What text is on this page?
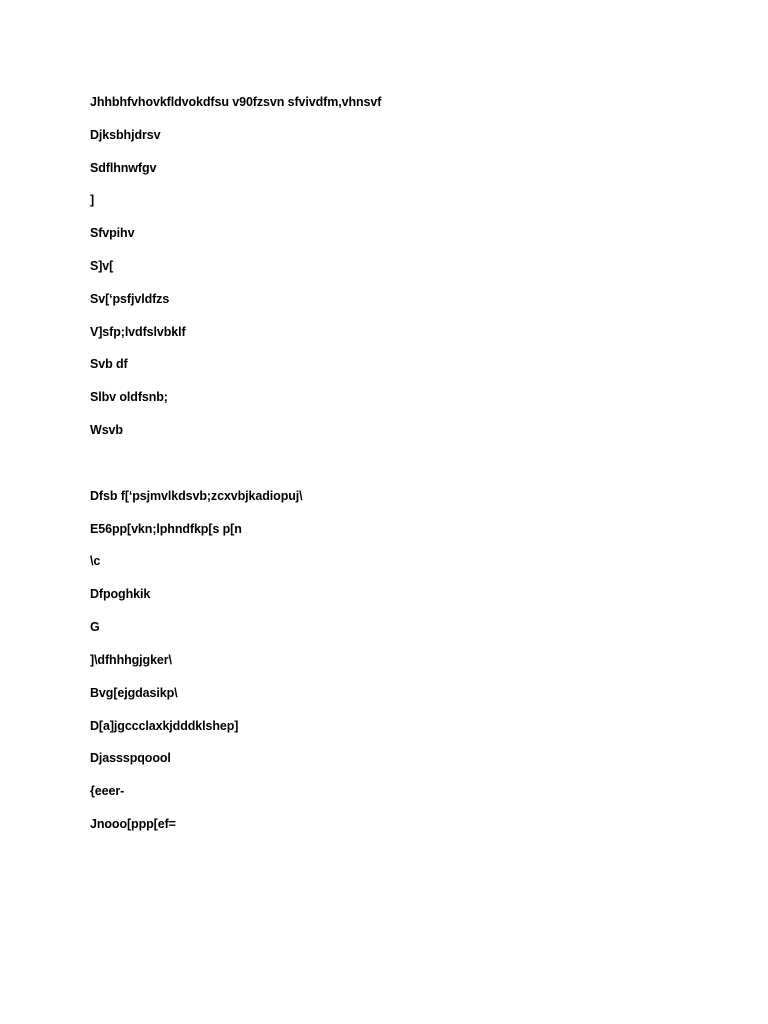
Jhhbhfvhovkfldvokdfsu v90fzsvn sfvivdfm,vhnsvf

Djksbhjdrsv

Sdflhnwfgv

]

Sfvpihv

S]v[

Sv[‘psfjvldfzs

V]sfp;lvdfslvbklf

Svb df

Slbv oldfsnb;

Wsvb

Dfsb f[‘psjmvlkdsvb;zcxvbjkadiopuj\

E56pp[vkn;lphndfkp[s p[n

\c

Dfpoghkik

G

]\dfhhhgjgker\

Bvg[ejgdasikp\

D[a]jgccclaxkjdddklshep]

Djassspqoool

{eeer-

Jnooo[ppp[ef=
